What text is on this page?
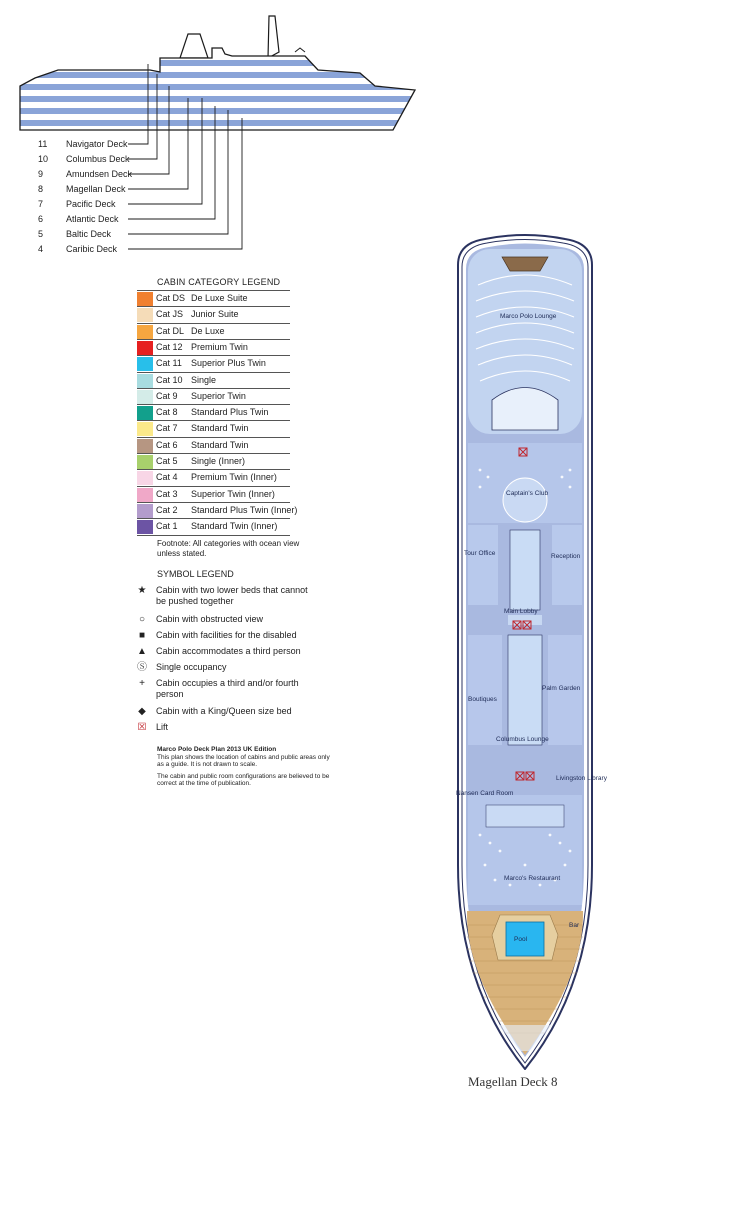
11	Navigator Deck
10	Columbus Deck
9	Amundsen Deck
8	Magellan Deck
7	Pacific Deck
6	Atlantic Deck
5	Baltic Deck
4	Caribic Deck
CABIN CATEGORY LEGEND
Cat DS De Luxe Suite
Cat JS Junior Suite
Cat DL De Luxe
Cat 12 Premium Twin
Cat 11 Superior Plus Twin
Cat 10 Single
Cat 9 Superior Twin
Cat 8 Standard Plus Twin
Cat 7 Standard Twin
Cat 6 Standard Twin
Cat 5 Single (Inner)
Cat 4 Premium Twin (Inner)
Cat 3 Superior Twin (Inner)
Cat 2 Standard Plus Twin (Inner)
Cat 1 Standard Twin (Inner)
Footnote: All categories with ocean view unless stated.
SYMBOL LEGEND
★ Cabin with two lower beds that cannot be pushed together
○	Cabin with obstructed view
■	Cabin with facilities for the disabled
▲ Cabin accommodates a third person
Ⓢ Single occupancy
+	Cabin occupies a third and/or fourth person
◆	Cabin with a King/Queen size bed
☒ Lift
Marco Polo Deck Plan 2013 UK Edition
This plan shows the location of cabins and public areas only as a guide. It is not drawn to scale.

The cabin and public room configurations are believed to be correct at the time of publication.
Marco Polo Lounge
Captain's Club
Tour Office	Reception
Main Lobby
Palm Garden
Boutiques
Columbus Lounge
Livingston Library
Nansen Card Room
Marco's Restaurant
Bar
Pool
Magellan Deck 8
